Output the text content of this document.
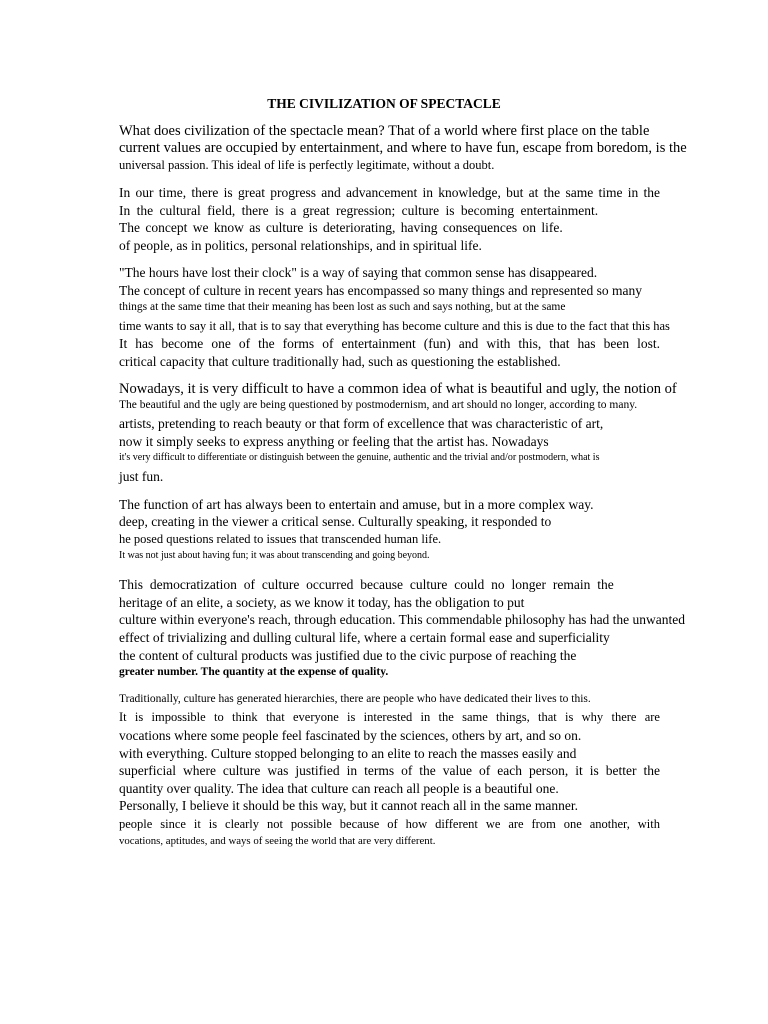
THE CIVILIZATION OF SPECTACLE

What does civilization of the spectacle mean? That of a world where first place on the table

current values are occupied by entertainment, and where to have fun, escape from boredom, is the

universal passion. This ideal of life is perfectly legitimate, without a doubt.

In our time, there is great progress and advancement in knowledge, but at the same time in the

In the cultural field, there is a great regression; culture is becoming entertainment.

The concept we know as culture is deteriorating, having consequences on life.

of people, as in politics, personal relationships, and in spiritual life.

"The hours have lost their clock" is a way of saying that common sense has disappeared.

The concept of culture in recent years has encompassed so many things and represented so many

things at the same time that their meaning has been lost as such and says nothing, but at the same

time wants to say it all, that is to say that everything has become culture and this is due to the fact that this has

It has become one of the forms of entertainment (fun) and with this, that has been lost.

critical capacity that culture traditionally had, such as questioning the established.

Nowadays, it is very difficult to have a common idea of what is beautiful and ugly, the notion of

The beautiful and the ugly are being questioned by postmodernism, and art should no longer, according to many.

artists, pretending to reach beauty or that form of excellence that was characteristic of art,

now it simply seeks to express anything or feeling that the artist has. Nowadays

it's very difficult to differentiate or distinguish between the genuine, authentic and the trivial and/or postmodern, what is

just fun.

The function of art has always been to entertain and amuse, but in a more complex way.

deep, creating in the viewer a critical sense. Culturally speaking, it responded to

he posed questions related to issues that transcended human life.

It was not just about having fun; it was about transcending and going beyond.

This democratization of culture occurred because culture could no longer remain the

heritage of an elite, a society, as we know it today, has the obligation to put

culture within everyone's reach, through education. This commendable philosophy has had the unwanted

effect of trivializing and dulling cultural life, where a certain formal ease and superficiality

the content of cultural products was justified due to the civic purpose of reaching the

greater number. The quantity at the expense of quality.

Traditionally, culture has generated hierarchies, there are people who have dedicated their lives to this.

It is impossible to think that everyone is interested in the same things, that is why there are

vocations where some people feel fascinated by the sciences, others by art, and so on.

with everything. Culture stopped belonging to an elite to reach the masses easily and

superficial where culture was justified in terms of the value of each person, it is better the

quantity over quality. The idea that culture can reach all people is a beautiful one.

Personally, I believe it should be this way, but it cannot reach all in the same manner.

people since it is clearly not possible because of how different we are from one another, with

vocations, aptitudes, and ways of seeing the world that are very different.
